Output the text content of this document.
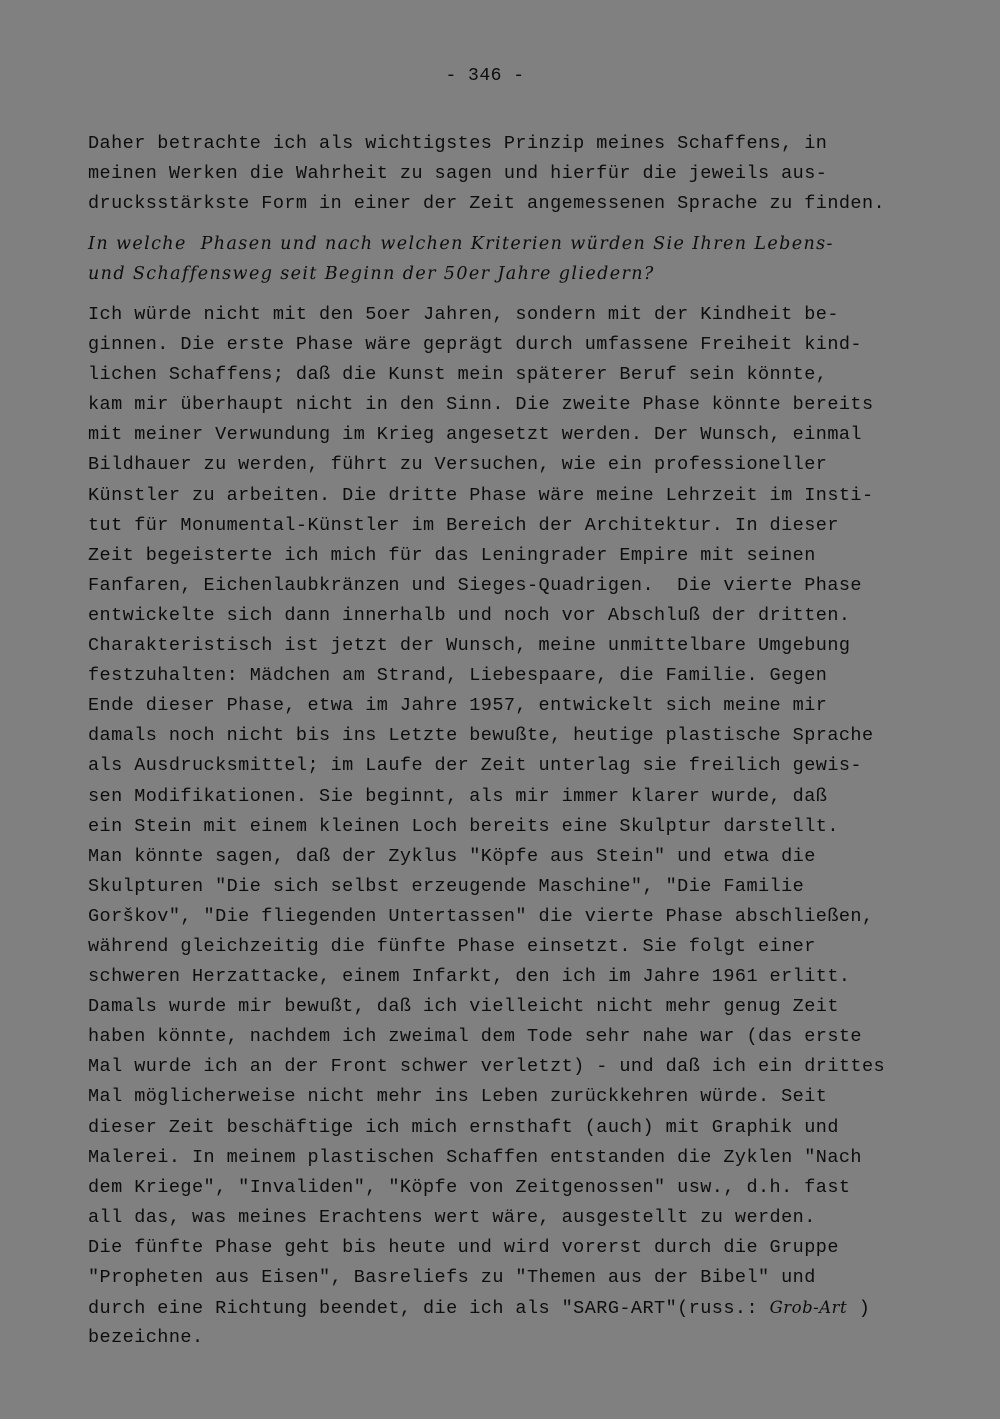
- 346 -
Daher betrachte ich als wichtigstes Prinzip meines Schaffens, in
meinen Werken die Wahrheit zu sagen und hierfür die jeweils aus-
drucksstärkste Form in einer der Zeit angemessenen Sprache zu finden.
In welche  Phasen und nach welchen Kriterien würden Sie Ihren Lebens-
und Schaffensweg seit Beginn der 50er Jahre gliedern?
Ich würde nicht mit den 5oer Jahren, sondern mit der Kindheit be-
ginnen. Die erste Phase wäre geprägt durch umfassene Freiheit kind-
lichen Schaffens; daß die Kunst mein späterer Beruf sein könnte,
kam mir überhaupt nicht in den Sinn. Die zweite Phase könnte bereits
mit meiner Verwundung im Krieg angesetzt werden. Der Wunsch, einmal
Bildhauer zu werden, führt zu Versuchen, wie ein professioneller
Künstler zu arbeiten. Die dritte Phase wäre meine Lehrzeit im Insti-
tut für Monumental-Künstler im Bereich der Architektur. In dieser
Zeit begeisterte ich mich für das Leningrader Empire mit seinen
Fanfaren, Eichenlaubkränzen und Sieges-Quadrigen.  Die vierte Phase
entwickelte sich dann innerhalb und noch vor Abschluß der dritten.
Charakteristisch ist jetzt der Wunsch, meine unmittelbare Umgebung
festzuhalten: Mädchen am Strand, Liebespaare, die Familie. Gegen
Ende dieser Phase, etwa im Jahre 1957, entwickelt sich meine mir
damals noch nicht bis ins Letzte bewußte, heutige plastische Sprache
als Ausdrucksmittel; im Laufe der Zeit unterlag sie freilich gewis-
sen Modifikationen. Sie beginnt, als mir immer klarer wurde, daß
ein Stein mit einem kleinen Loch bereits eine Skulptur darstellt.
Man könnte sagen, daß der Zyklus "Köpfe aus Stein" und etwa die
Skulpturen "Die sich selbst erzeugende Maschine", "Die Familie
Gorškov", "Die fliegenden Untertassen" die vierte Phase abschließen,
während gleichzeitig die fünfte Phase einsetzt. Sie folgt einer
schweren Herzattacke, einem Infarkt, den ich im Jahre 1961 erlitt.
Damals wurde mir bewußt, daß ich vielleicht nicht mehr genug Zeit
haben könnte, nachdem ich zweimal dem Tode sehr nahe war (das erste
Mal wurde ich an der Front schwer verletzt) - und daß ich ein drittes
Mal möglicherweise nicht mehr ins Leben zurückkehren würde. Seit
dieser Zeit beschäftige ich mich ernsthaft (auch) mit Graphik und
Malerei. In meinem plastischen Schaffen entstanden die Zyklen "Nach
dem Kriege", "Invaliden", "Köpfe von Zeitgenossen" usw., d.h. fast
all das, was meines Erachtens wert wäre, ausgestellt zu werden.
Die fünfte Phase geht bis heute und wird vorerst durch die Gruppe
"Propheten aus Eisen", Basreliefs zu "Themen aus der Bibel" und
durch eine Richtung beendet, die ich als "SARG-ART"(russ.: Grob-Art )
bezeichne.
